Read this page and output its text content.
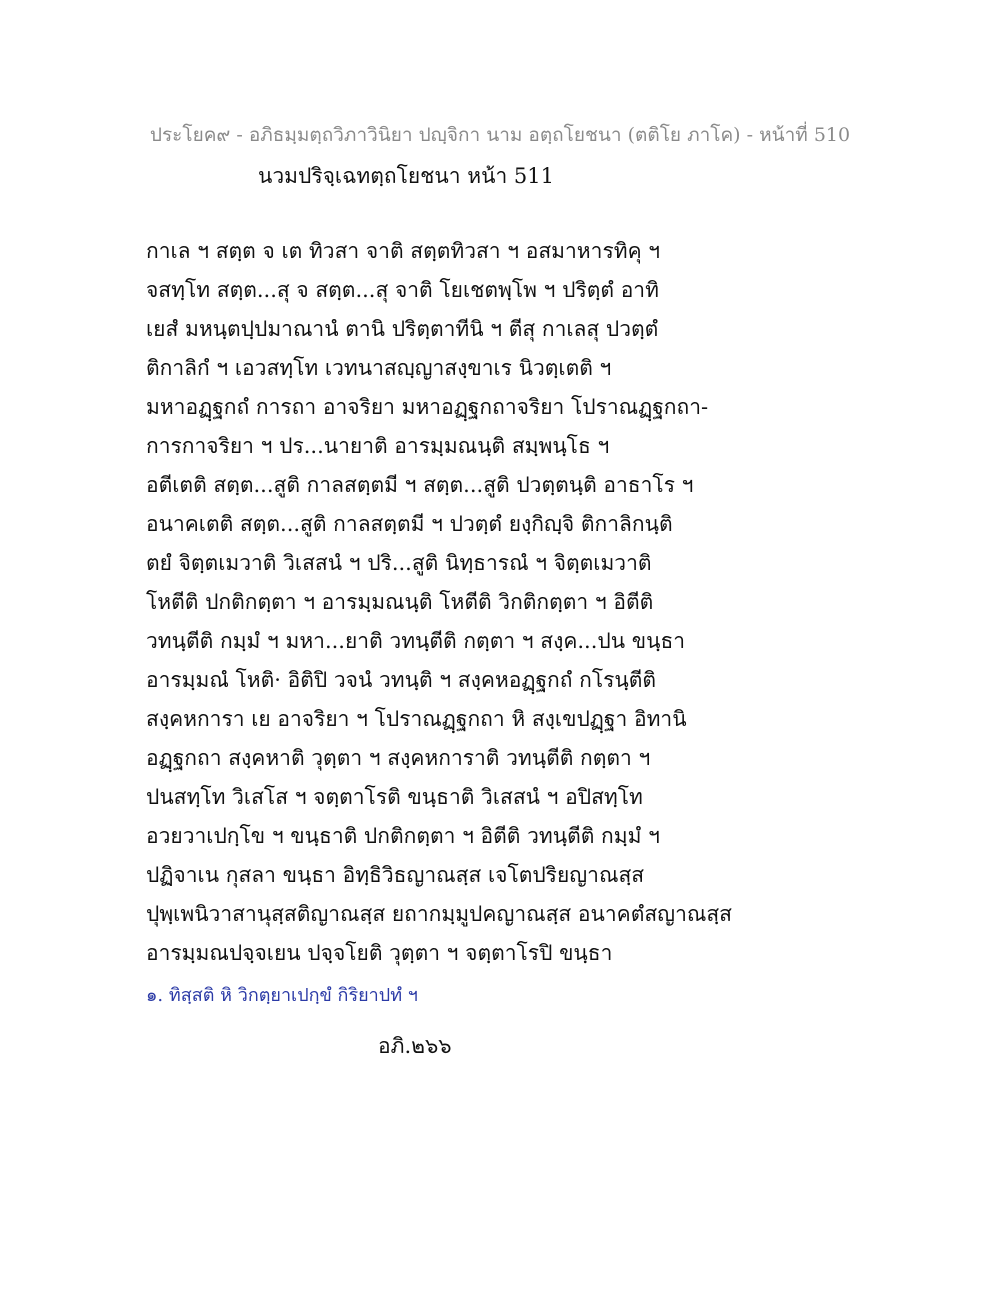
ประโยค๙ - อภิธมฺมตฺถวิภาวินิยา ปญฺจิกา นาม อตฺถโยชนา (ตติโย ภาโค) - หน้าที่ 510
นวมปริจฺเฉทตฺถโยชนา หน้า 511
กาเล ฯ สตฺต จ เต ทิวสา จาติ สตฺตทิวสา ฯ อสมาหารทิคุ ฯ
จสทฺโท สตฺต...สุ จ สตฺต...สุ จาติ โยเชตพฺโพ ฯ ปริตฺตํ อาทิ
เยสํ มหนฺตปฺปมาณานํ ตานิ ปริตฺตาทีนิ ฯ ตีสุ กาเลสุ ปวตฺตํ
ติกาลิกํ ฯ เอวสทฺโท เวทนาสญฺญาสงฺขาเร นิวตฺเตติ ฯ
มหาอฏฺฐกถํ การถา อาจริยา มหาอฏฺฐกถาจริยา โปราณฏฺฐกถา-
การกาจริยา ฯ ปร...นายาติ อารมฺมณนฺติ สมฺพนฺโธ ฯ
อตีเตติ สตฺต...สูติ กาลสตฺตมี ฯ สตฺต...สูติ ปวตฺตนฺติ อาธาโร ฯ
อนาคเตติ สตฺต...สูติ กาลสตฺตมี ฯ ปวตฺตํ ยงฺกิญฺจิ ติกาลิกนฺติ
ตยํ จิตฺตเมวาติ วิเสสนํ ฯ ปริ...สูติ นิทฺธารณํ ฯ จิตฺตเมวาติ
โหตีติ ปกติกตฺตา ฯ อารมฺมณนฺติ โหตีติ วิกติกตฺตา ฯ อิตีติ
วทนฺตีติ กมฺมํ ฯ มหา...ยาติ วทนฺตีติ กตฺตา ฯ สงฺค...ปน ขนฺธา
อารมฺมณํ โหติ· อิติปิ วจนํ วทนฺติ ฯ สงฺคหอฏฺฐกถํ กโรนฺตีติ
สงฺคหการา เย อาจริยา ฯ โปราณฏฺฐกถา หิ สงฺเขปฏฺฐา อิทานิ
อฏฺฐกถา สงฺคหาติ วุตฺตา ฯ สงฺคหการาติ วทนฺตีติ กตฺตา ฯ
ปนสทฺโท วิเสโส ฯ จตฺตาโรติ ขนฺธาติ วิเสสนํ ฯ อปิสทฺโท
อวยวาเปกฺโข ฯ ขนฺธาติ ปกติกตฺตา ฯ อิตีติ วทนฺตีติ กมฺมํ ฯ
ปฏิจาเน กุสลา ขนฺธา อิทฺธิวิธญาณสฺส เจโตปริยญาณสฺส
ปุพฺเพนิวาสานุสฺสติญาณสฺส ยถากมฺมูปคญาณสฺส อนาคตํสญาณสฺส
อารมฺมณปจฺจเยน ปจฺจโยติ วุตฺตา ฯ จตฺตาโรปิ ขนฺธา
๑. ทิสฺสติ หิ วิกตฺยาเปกฺขํ กิริยาปทํ ฯ
อภิ.๒๖๖
